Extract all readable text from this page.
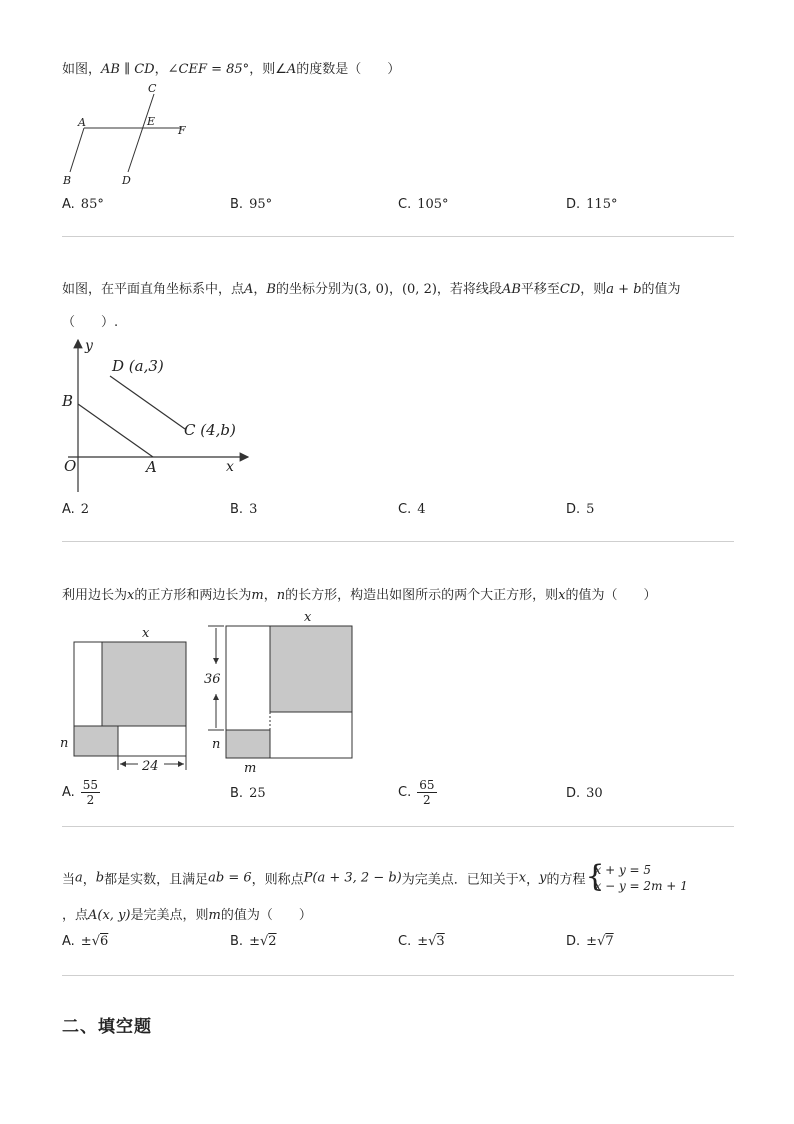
如图，AB ∥ CD，∠CEF = 85°，则∠A的度数是（　　）
A
B
C
D
E
F
A. 85°	B. 95°	C. 105°	D. 115°
如图，在平面直角坐标系中，点A，B的坐标分别为(3, 0)，(0, 2)，若将线段AB平移至CD，则a + b的值为
（　　）.
y
x
O	A
B
D (a,3)
C (4,b)
A. 2	B. 3	C. 4	D. 5
利用边长为x的正方形和两边长为m，n的长方形，构造出如图所示的两个大正方形，则x的值为（　　）
x
n
24
x
36
n
m
A. $\frac{55}{2}$	B. 25	C. $\frac{65}{2}$	D. 30
当a，b都是实数，且满足ab = 6，则称点P(a + 3, 2 − b)为完美点．已知关于x，y的方程 {
x + y = 5
x − y = 2m + 1
，点A(x, y)是完美点，则m的值为（　　）
A. ±√6	B. ±√2	C. ±√3	D. ±√7
二、填空题
